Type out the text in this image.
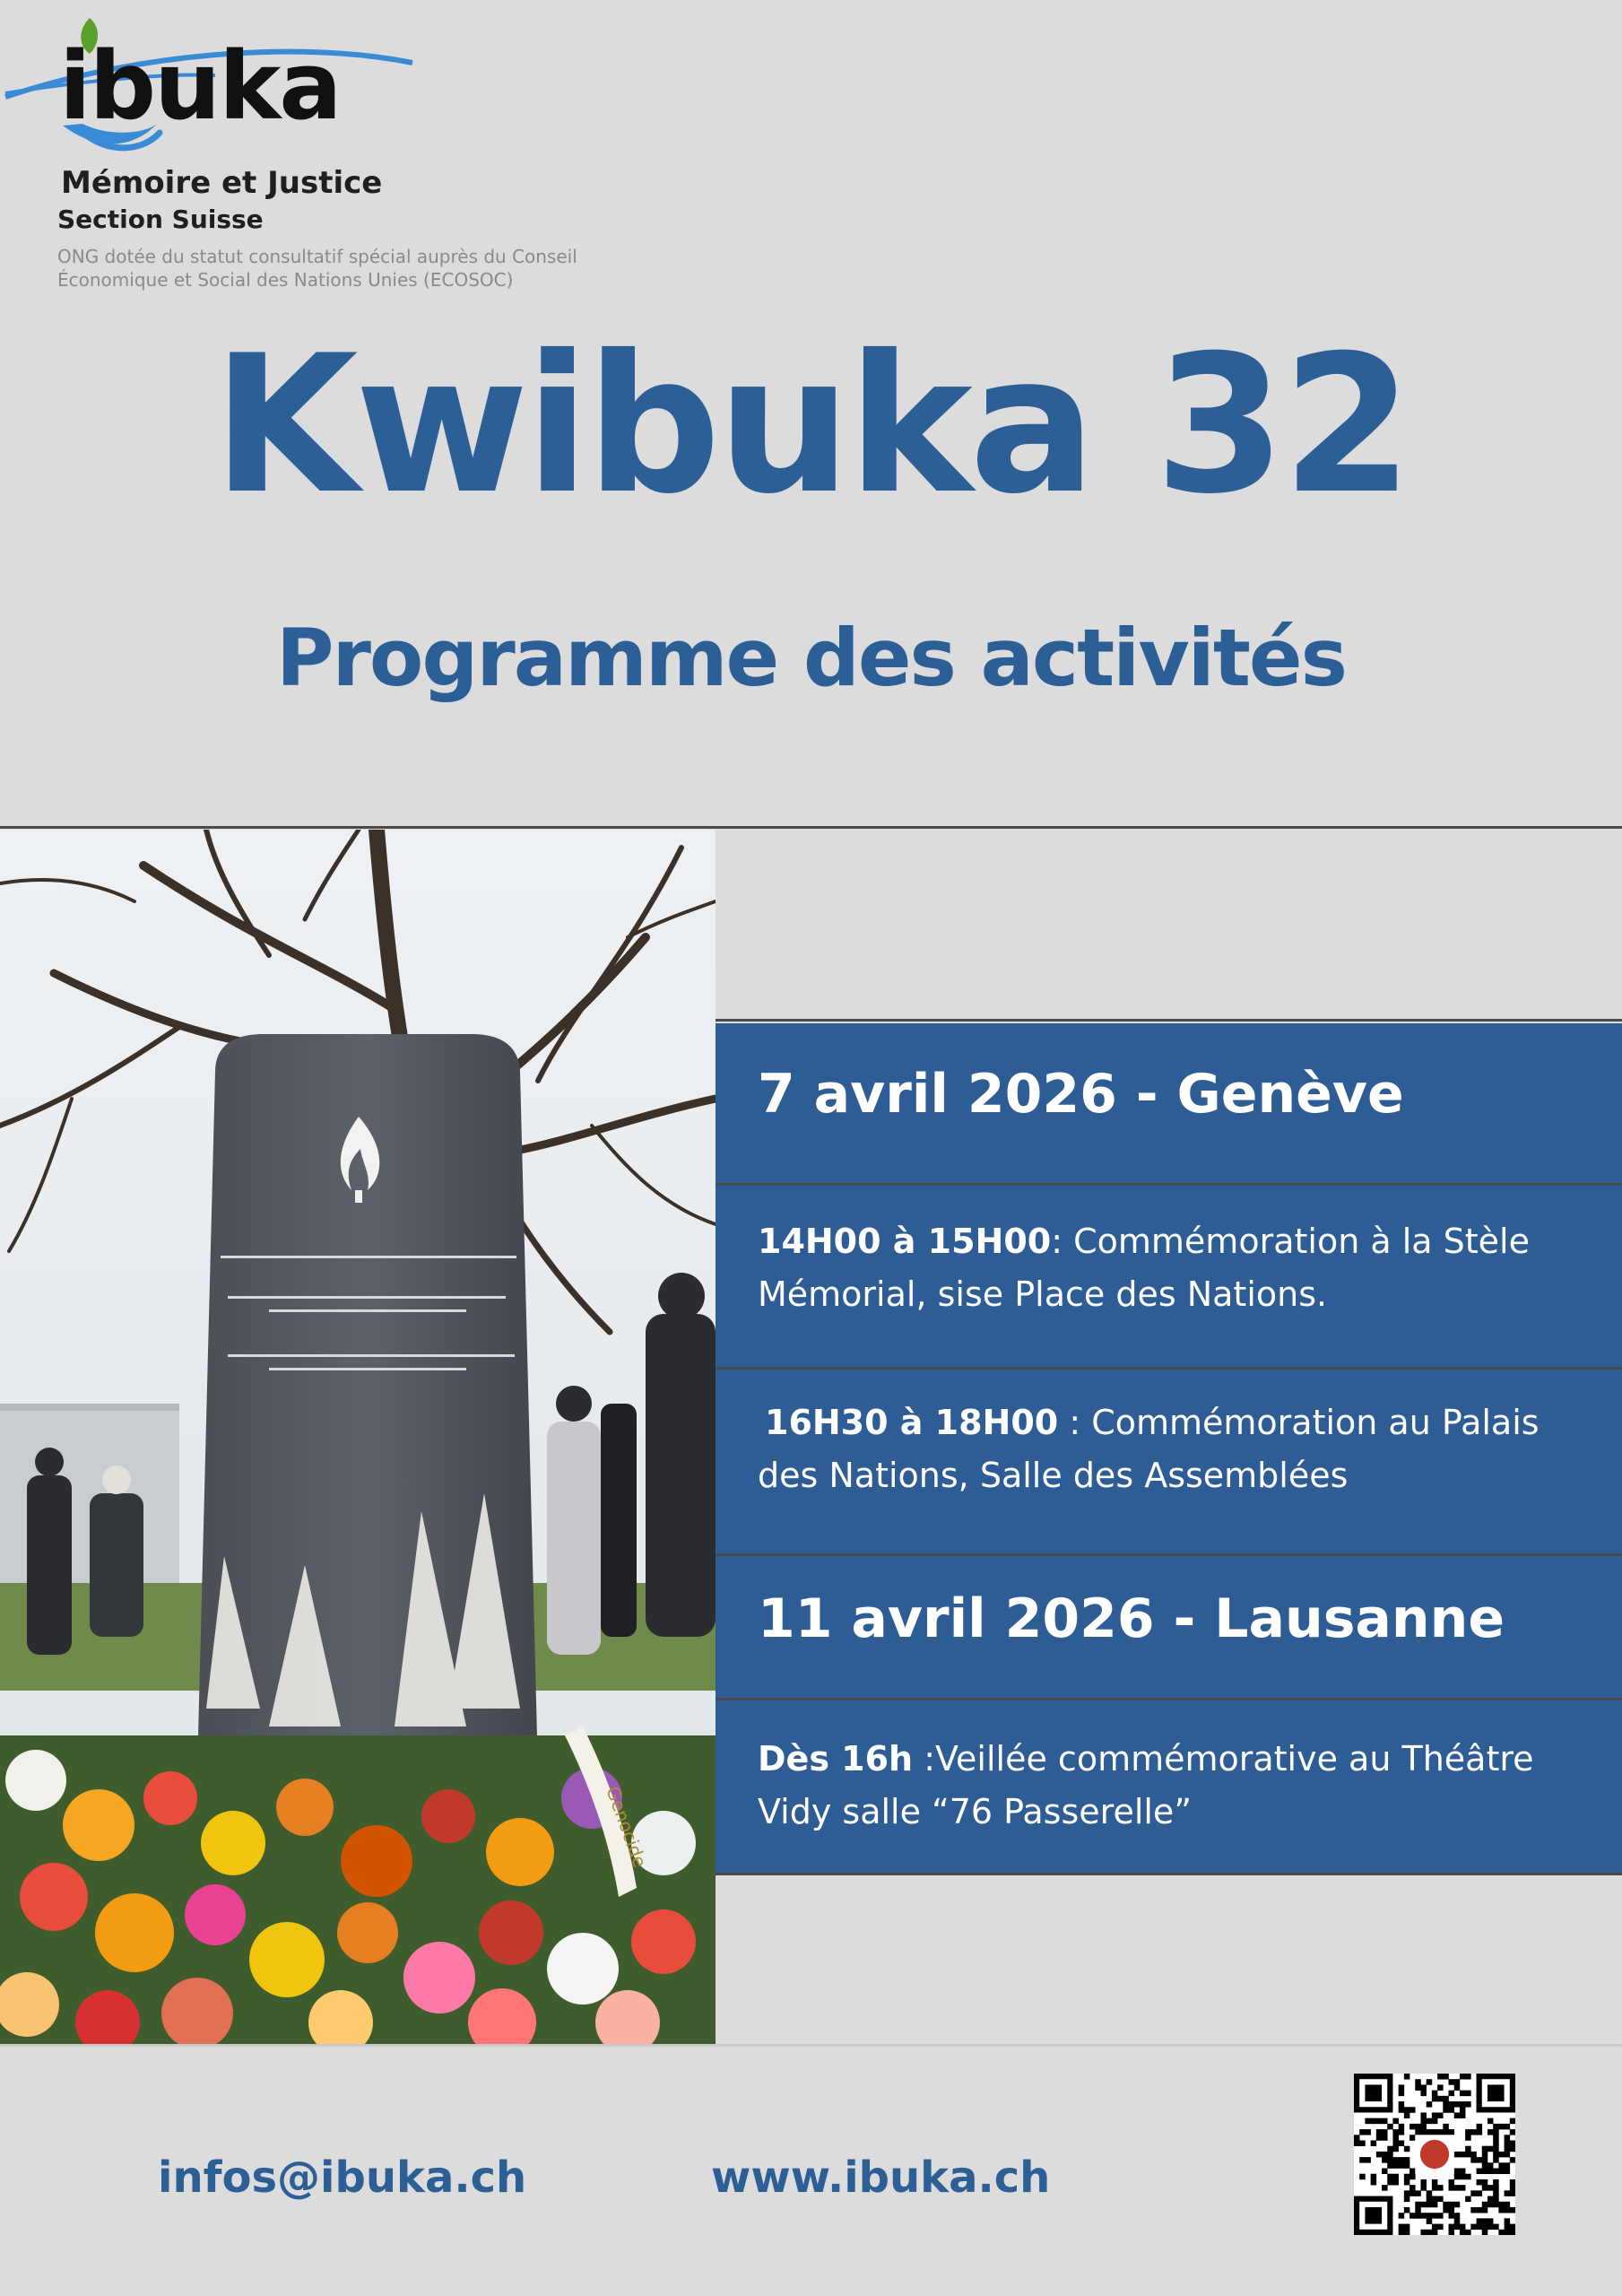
ibuka
Mémoire et Justice
Section Suisse
ONG dotée du statut consultatif spécial auprès du Conseil
Économique et Social des Nations Unies (ECOSOC)
Kwibuka 32
Programme des activités
Genocide
7 avril 2026 - Genève
14H00 à 15H00: Commémoration à la Stèle Mémorial, sise Place des Nations.
16H30 à 18H00 : Commémoration au Palais des Nations, Salle des Assemblées
11 avril 2026 - Lausanne
Dès 16h :Veillée commémorative au Théâtre Vidy salle “76 Passerelle”
infos@ibuka.ch	www.ibuka.ch
